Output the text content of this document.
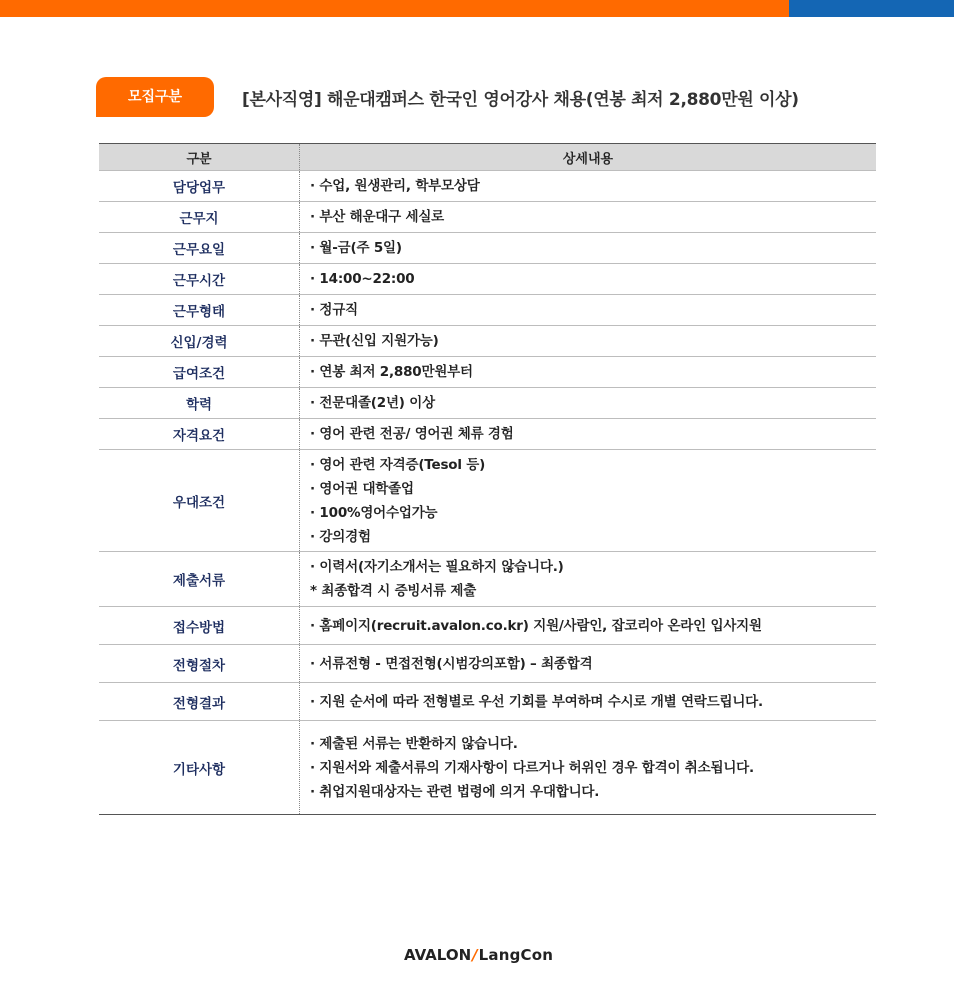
모집구분	[본사직영] 해운대캠퍼스 한국인 영어강사 채용(연봉 최저 2,880만원 이상)
구분	상세내용
담당업무	· 수업, 원생관리, 학부모상담

근무지	· 부산 해운대구 세실로

근무요일	· 월-금(주 5일)

근무시간	· 14:00~22:00

근무형태	· 정규직

신입/경력	· 무관(신입 지원가능)

급여조건	· 연봉 최저 2,880만원부터

학력	· 전문대졸(2년) 이상

자격요건	· 영어 관련 전공/ 영어권 체류 경험

우대조건	· 영어 관련 자격증(Tesol 등)
· 영어권 대학졸업
· 100%영어수업가능
· 강의경험

제출서류	· 이력서(자기소개서는 필요하지 않습니다.)
* 최종합격 시 증빙서류 제출

접수방법	· 홈페이지(recruit.avalon.co.kr) 지원/사람인, 잡코리아 온라인 입사지원

전형절차	· 서류전형 - 면접전형(시범강의포함) – 최종합격

전형결과	· 지원 순서에 따라 전형별로 우선 기회를 부여하며 수시로 개별 연락드립니다.

기타사항	· 제출된 서류는 반환하지 않습니다.
· 지원서와 제출서류의 기재사항이 다르거나 허위인 경우 합격이 취소됩니다.
· 취업지원대상자는 관련 법령에 의거 우대합니다.
AVALON/LangCon
